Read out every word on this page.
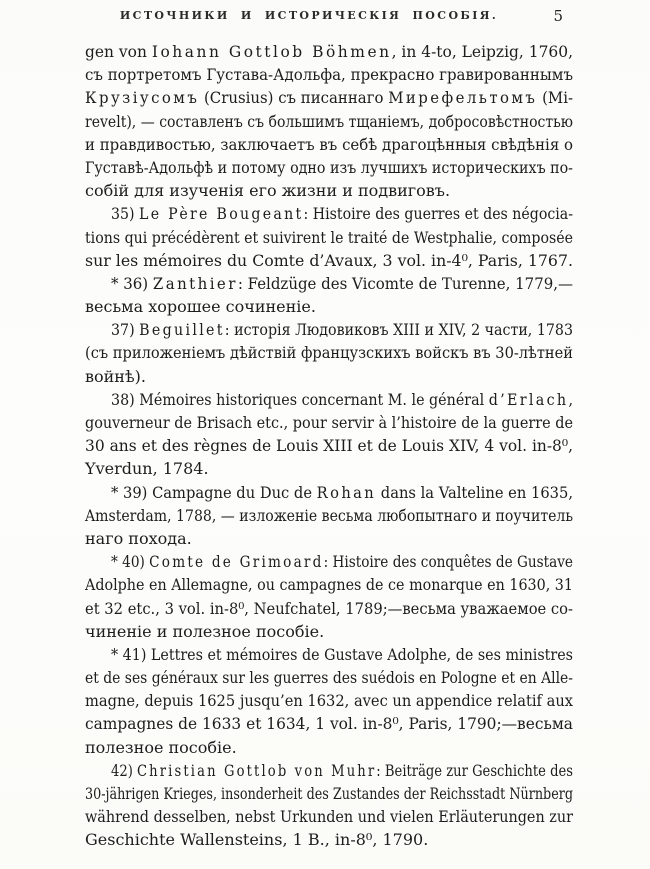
ИСТОЧНИКИ И ИСТОРИЧЕСКІЯ ПОСОБІЯ.	5
gen von Iohann Gottlob Böhmen, in 4-to, Leipzig, 1760,
съ портретомъ Густава-Адольфа, прекрасно гравированнымъ
Крузіусомъ (Crusius) съ писаннаго Мирефельтомъ (Mi-
revelt), — составленъ съ большимъ тщаніемъ, добросовѣстностью
и правдивостью, заключаетъ въ себѣ драгоцѣнныя свѣдѣнія о
Густавѣ-Адольфѣ и потому одно изъ лучшихъ историческихъ по-
собій для изученія его жизни и подвиговъ.
35) Le Père Bougeant: Histoire des guerres et des négocia-
tions qui précédèrent et suivirent le traité de Westphalie, composée
sur les mémoires du Comte d’Avaux, 3 vol. in-4⁰, Paris, 1767.
* 36) Zanthier: Feldzüge des Vicomte de Turenne, 1779,—
весьма хорошее сочиненіе.
37) Beguillet: исторія Людовиковъ XIII и XIV, 2 части, 1783
(съ приложеніемъ дѣйствій французскихъ войскъ въ 30-лѣтней
войнѣ).
38) Mémoires historiques concernant M. le général d’Erlach,
gouverneur de Brisach etc., pour servir à l’histoire de la guerre de
30 ans et des règnes de Louis XIII et de Louis XIV, 4 vol. in-8⁰,
Yverdun, 1784.
* 39) Campagne du Duc de Rohan dans la Valteline en 1635,
Amsterdam, 1788, — изложеніе весьма любопытнаго и поучитель
наго похода.
* 40) Comte de Grimoard: Histoire des conquêtes de Gustave
Adolphe en Allemagne, ou campagnes de ce monarque en 1630, 31
et 32 etc., 3 vol. in-8⁰, Neufchatel, 1789;—весьма уважаемое со-
чиненіе и полезное пособіе.
* 41) Lettres et mémoires de Gustave Adolphe, de ses ministres
et de ses généraux sur les guerres des suédois en Pologne et en Alle-
magne, depuis 1625 jusqu’en 1632, avec un appendice relatif aux
campagnes de 1633 et 1634, 1 vol. in-8⁰, Paris, 1790;—весьма
полезное пособіе.
42) Christian Gottlob von Muhr: Beiträge zur Geschichte des
30-jährigen Krieges, insonderheit des Zustandes der Reichsstadt Nürnberg
während desselben, nebst Urkunden und vielen Erläuterungen zur
Geschichte Wallensteins, 1 B., in-8⁰, 1790.
